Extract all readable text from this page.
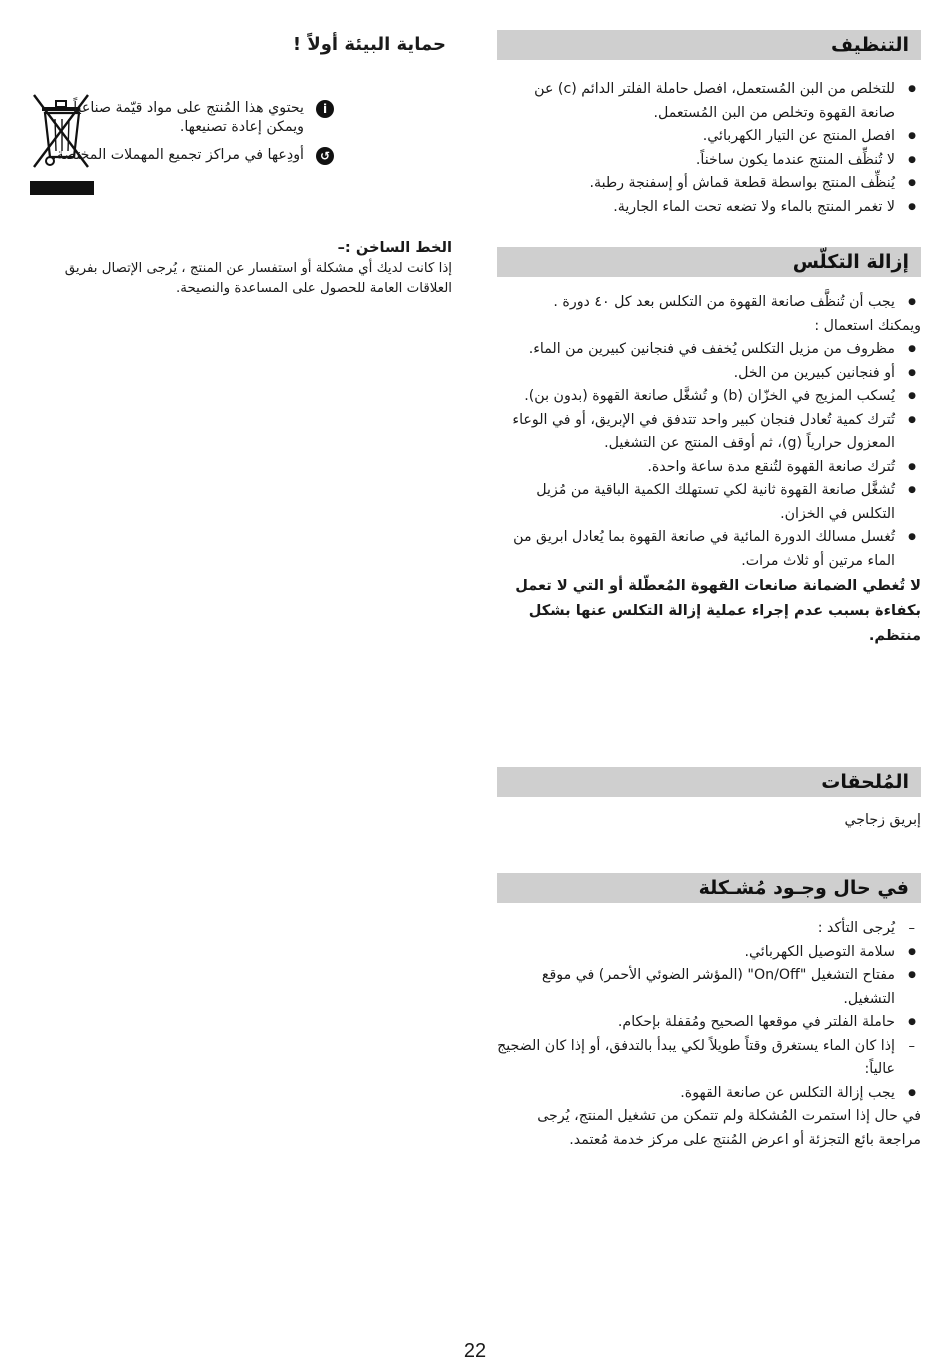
التنظيف
● للتخلص من البن المُستعمل، افصل حاملة الفلتر الدائم (c) عن صانعة القهوة وتخلص من البن المُستعمل.
● افصل المنتج عن التيار الكهربائي.
● لا تُنظِّف المنتج عندما يكون ساخناً.
● يُنظِّف المنتج بواسطة قطعة قماش أو إسفنجة رطبة.
● لا تغمر المنتج بالماء ولا تضعه تحت الماء الجارية.
إزالة التكلّس
● يجب أن تُنظَّف صانعة القهوة من التكلس بعد كل ٤٠ دورة .
ويمكنك استعمال :
● مظروف من مزيل التكلس يُخفف في فنجانين كبيرين من الماء.
● أو فنجانين كبيرين من الخل.
● يُسكب المزيج في الخزّان (b) و تُشغَّل صانعة القهوة (بدون بن).
● تُترك كمية تُعادل فنجان كبير واحد تتدفق في الإبريق، أو في الوعاء المعزول حرارياً (g)، ثم أوقف المنتج عن التشغيل.
● تُترك صانعة القهوة لتُنقع مدة ساعة واحدة.
● تُشغَّل صانعة القهوة ثانية لكي تستهلك الكمية الباقية من مُزيل التكلس في الخزان.
● تُغسل مسالك الدورة المائية في صانعة القهوة بما يُعادل ابريق من الماء مرتين أو ثلاث مرات.
لا تُغطي الضمانة صانعات القهوة المُعطّلة أو التي لا تعمل بكفاءة بسبب عدم إجراء عملية إزالة التكلس عنها بشكل منتظم.
المُلحقات
إبريق زجاجي
في حال وجـود مُشـكلة
– يُرجى التأكد :
● سلامة التوصيل الكهربائي.
● مفتاح التشغيل "On/Off" (المؤشر الضوئي الأحمر) في موقع التشغيل.
● حاملة الفلتر في موقعها الصحيح ومُقفلة بإحكام.
– إذا كان الماء يستغرق وقتاً طويلاً لكي يبدأ بالتدفق، أو إذا كان الضجيج عالياً:
● يجب إزالة التكلس عن صانعة القهوة.
في حال إذا استمرت المُشكلة ولم تتمكن من تشغيل المنتج، يُرجى مراجعة بائع التجزئة أو اعرض المُنتج على مركز خدمة مُعتمد.
حماية البيئة أولاً !
i
يحتوي هذا المُنتج على مواد قيّمة صناعياً ويمكن إعادة تصنيعها.
↺
أودِعها في مراكز تجميع المهملات المختصة.
الخط الساخن :–
إذا كانت لديك أي مشكلة أو استفسار عن المنتج ، يُرجى الإتصال بفريق العلاقات العامة للحصول على المساعدة والنصيحة.
22
